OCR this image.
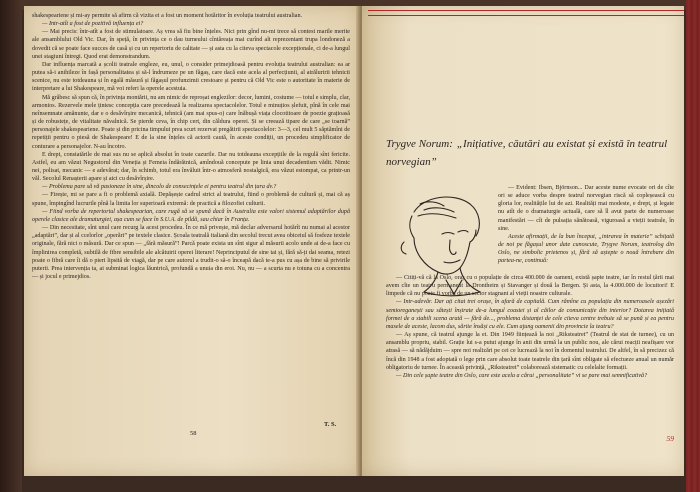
shakespeariene și mi-ay permite să afirm că vizita ei a fost un moment hotăritor în evoluția teatrului australian.

— Intr-atît a fost de pozitivă influența ei?

— Mai precis: într-atît a fost de stimulatoare. Aș vrea să fiu bine înțeles. Nici prin gînd nu-mi trece să contest marile merite ale ansamblului Old Vic. Dar, în speță, în privința ce o dau turneului cîntăreața mai curînd alt reprezentant trupa londoneză a dovedit că se poate face succes de casă și cu un repertoriu de calitate — și asta cu la citeva spectacole excepționale, ci de-a lungul unei stagiuni întregi. Quod erat demonstrandum.

Dar influența marcată a școlii teatrale engleze, eu, unul, o consider primejdioasă pentru evoluția teatrului australian: ea ar putea să-i anihileze în fașă personalitatea și să-l îndrumeze pe un făgaș, care dacă este acela al perfecțiunii, al atrăluririi tehnicii scenice, nu este totdeauna și în egală măsură și făgașul profunzimii crestoare și pentru că Old Vic este o autoritate în materie de interpretare a lui Shakespeare, mă voi referi la operele acestuia.

Mă grăbesc să spun că, în privința montării, nu am nimic de reproșat englezilor: decor, lumini, costume — totul e simplu, clar, armonios. Rezervele mele țintesc concepția care precedează la realizarea spectacolelor. Totul e minuțios șlefuit, pînă în cele mai neînsemnate amănunte, dar e o desăvîrșire mecanică, tehnică (am mai spus-o) care înăbușă viața clocotitoare de poezie grațioasă și de robustețe, de vitalitate năvalnică. Se pierde ceva, în chip cert, din căldura operei. Și se creează tipare de care „se toarnă” personajele shakespeariene. Poate și din pricina timpului prea scurt rezervat pregătirii spectacolelor: 3—3, cel mult 5 săptămîni de repetiții pentru o piesă de Shakespeare! E de la sine înțeles că actorii caută, în aceste condiții, un procedeu simplificator de conturare a personajelor. N-au încotro.

E drept, constatările de mai sus nu se aplică absolut în toate cazurile. Dar nu totdeauna excepțiile de la regulă sînt fericite. Astfel, eu am văzut Negustorul din Veneția și Femeia îndărătnică, amîndouă concepute pe linia unui decadentism vădit. Nimic nei, polisat, mecanic — e adevărat; dar, în schimb, totul era învăluit într-o atmosferă nostalgică, era văzut estompat, ca printr-un văl. Secolul Renașterii apare și aici cu desăvîrșire.

— Problema pare să vă pasioneze în sine, dincolo de consecințele ei pentru teatrul din țara dv.?

— Firește, mi se pare a fi o problemă axială. Depășește cadrul strict al teatrului, fiind o problemă de cultură și, mai că aș spune, împingînd lucrurile pînă la limita lor superioară extremă: de practică a filozofiei culturii.

— Fiind vorba de repertoriul shakespearian, care rugă să se spună dacă în Australia este valori sistemul adaptărilor după operele clasice ale dramaturgiei, așa cum se face în S.U.A. de pildă, sau chiar în Franța.

— Din necesitate, sînt unul care recurg la acest procedeu. În ce mă privește, mă declar adversarul hotărît nu numai al acestor „adaptări”, dar și al ccelorlor „operări” pe textele clasice. Școala teatrală italiană din secolul trecut avea obiceiul să fosfeze textele originale, fără nici o măsură. Dar ce spun — „fără măsură”! Parcă poate exista un sînt sigur al măsurii acolo unde ai de-a face cu împlinirea completă, subtilă de fibre sensibile ale alcătuirii operei literare! Neprinciputul de sine tai și, fără să-ți dai seama, retezi poate o fibră care îi dă o pieri lipsită de viagă, dar pe care autorul a trudit-o să-o înceapă dacă te-a pus cu așa de bine să privirile puterii. Prea intervenția ta, ai subminat logica lăuntrică, profundă a unuia din eroi. Nu, nu — a scurta nu e totuna cu a concentra — și jocul e primejdios.

T. S.
58
Trygve Norum: „Inițiative, căutări au existat și există în teatrul norvegian”

— Evident: Ibsen, Björnson... Dar aceste nume evocate ori de cîte ori se aduce vorba despre teatrul norvegian riscă să copleșească cu gloria lor, realitățile lui de azi. Realități mai modeste, e drept, și legate nu atît de o dramaturgie actuală, care să îl avut parte de numeroase manifestări — cît de pulsația sănătoasă, viguroasă a vieții teatrale, în sine.

Aceste afirmații, de la bun început, „intrarea în materie” schițată de noi pe făgașul unor date cunoscute, Trygve Norum, teatrolog din Oslo, ne simbolic prietenos și, fără să aștepte o nouă întrebare din partea-ne, continuă:

— Citiți-vă că la Oslo, oraș cu o populație de circa 400.000 de oameni, există șapte teatre, iar în restul țării mai avem cîte un teatru permanent la Drontheim și Stavanger și două la Bergen. Și asta, la 4.000.000 de locuitori! E limpede că nu poate fi vorba de un sector stagnant al vieții noastre culturale.

— Intr-adevăr. Dar ați citat trei orașe, în afară de capitală. Cum rămîne cu populația din numeroasele așezări semioreganești sau sătești înșirate de-a lungul coastei și al căilor de comunicație din interior? Dotarea inițiată formei de a stabili scena arată — fără de..., problema distanței de cele citeva centre trebuie să se pună și ea pentru masele de aceste, lacom dus, sărite însăși cu ele. Cum ajung oamenii din provincie la teatru?

— Aș spune, că teatrul ajunge la ei. Din 1949 ființează la noi „Riksteatret” (Teatrul de stat de turnee), cu un ansamblu propriu, stabil. Grație lui s-a putut ajunge în anii din urmă la un public nou, ale cărui reacții neafișare vor atrasă — să nădăjduim — spre noi realizări pe cei ce lucrează la noi în domeniul teatrului. De altfel, în să precizez că încă din 1948 a fost adoptată o lege prin care absolut toate teatrele din țară sînt obligate să efectueze anual un număr obligatoriu de turnee. În această privință, „Riksteatret” colaborează sistematic cu celelalte formații.

— Din cele șapte teatre din Oslo, care este acela a cărui „personalitate” vi se pare mai semnificativă?

59
